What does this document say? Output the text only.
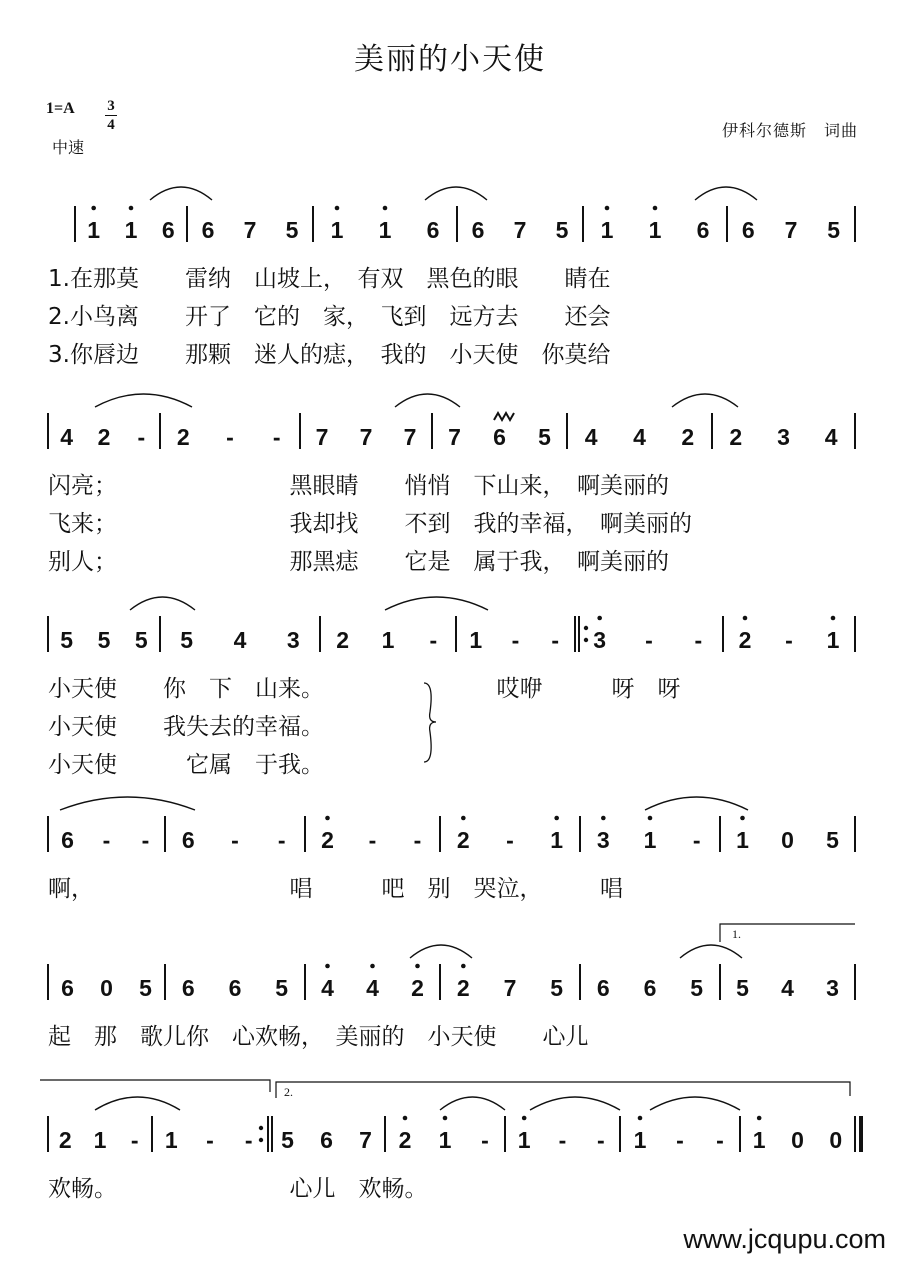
美丽的小天使
1=A 3
4
中速
伊科尔德斯　词曲
1 1 6 6 7 5 1 1 6 6 7 5 1 1 6 6 7 5
4 2 - 2 - - 7 7 7 7 6 5 4 4 2 2 3 4
5 5 5 5 4 3 2 1 - 1 - - 3 - - 2 - 1
6 - - 6 - - 2 - - 2 - 1 3 1 - 1 0 5
6 0 5 6 6 5 4 4 2 2 7 5 6 6 5 5 4 3
2 1 - 1 - - 5 6 7 2 1 - 1 - - 1 - - 1 0 0
1.
2.
1.在那莫　　雷纳　山坡上，　有双　黑色的眼　　睛在
2.小鸟离　　开了　它的　家，　飞到　远方去　　还会
3.你唇边　　那颗　迷人的痣，　我的　小天使　你莫给
闪亮；　　　　　　　　黑眼睛　　悄悄　下山来，　啊美丽的
飞来；　　　　　　　　我却找　　不到　我的幸福，　啊美丽的
别人；　　　　　　　　那黑痣　　它是　属于我，　啊美丽的
小天使　　你　下　山来。　　　　　　　　哎咿　　　呀　呀
小天使　　我失去的幸福。
小天使　　　它属　于我。
啊，　　　　　　　　　唱　　　吧　别　哭泣，　　　唱
起　那　歌儿你　心欢畅，　美丽的　小天使　　心儿
欢畅。　　　　　　　　心儿　欢畅。
www.jcqupu.com
